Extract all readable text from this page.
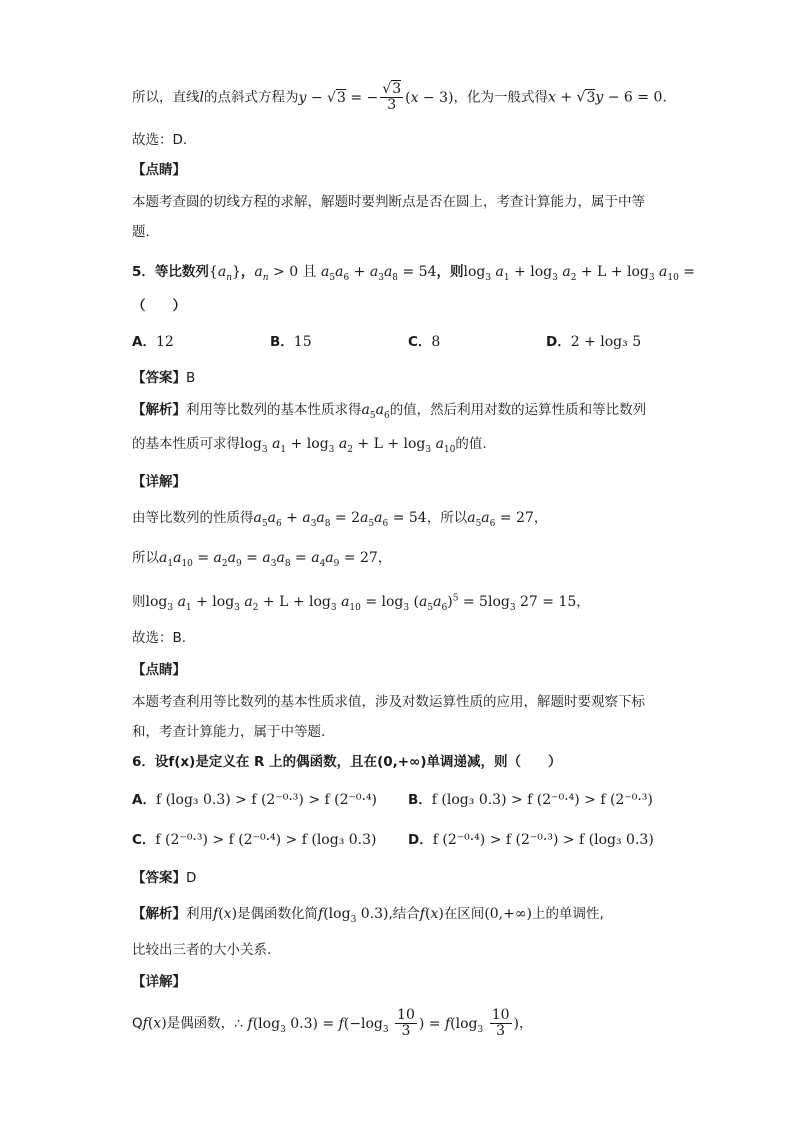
所以，直线l的点斜式方程为y − √3 = − $\frac{√3}{3} (x - 3)$，化为一般式得x + √3y − 6 = 0.
故选：D.
【点睛】
本题考查圆的切线方程的求解，解题时要判断点是否在圆上，考查计算能力，属于中等
题.
5．等比数列$\{a_n\}$，$a_n > 0$ 且 $a_5a_6 + a_3a_8 = 54$，则$\log_3 a_1 + \log_3 a_2 + L + \log_3 a_{10}$ =
（　　）
A．12	B．15	C．8	D．2 + log₃ 5
【答案】B
【解析】利用等比数列的基本性质求得$a_5a_6$的值，然后利用对数的运算性质和等比数列
的基本性质可求得$\log_3 a_1 + \log_3 a_2 + L + \log_3 a_{10}$的值.
【详解】
由等比数列的性质得$a_5a_6 + a_3a_8 = 2a_5a_6 = 54$，所以$a_5a_6 = 27$，
所以$a_1a_{10} = a_2a_9 = a_3a_8 = a_4a_9 = 27$，
则$\log_3 a_1 + \log_3 a_2 + L + \log_3 a_{10} = \log_3 (a_5a_6)^5 = 5\log_3$ 27 = 15，
故选：B.
【点睛】
本题考查利用等比数列的基本性质求值，涉及对数运算性质的应用，解题时要观察下标
和，考查计算能力，属于中等题.
6．设f(x)是定义在 R 上的偶函数，且在(0,+∞)单调递减，则（　　）
A．f (log₃ 0.3) > f (2⁻⁰·³) > f (2⁻⁰·⁴) B．f (log₃ 0.3) > f (2⁻⁰·⁴) > f (2⁻⁰·³)
C．f (2⁻⁰·³) > f (2⁻⁰·⁴) > f (log₃ 0.3) D．f (2⁻⁰·⁴) > f (2⁻⁰·³) > f (log₃ 0.3)
【答案】D
【解析】利用f(x)是偶函数化简$f(\log_3$ 0.3),结合f(x)在区间(0,+∞)上的单调性,
比较出三者的大小关系.
【详解】
Qf(x)是偶函数，∴ $f(\log_3$ $0.3) = f(-\log_3 \frac{10}{3}$ ) = $f(\log_3 \frac{10}{3}$ )，
